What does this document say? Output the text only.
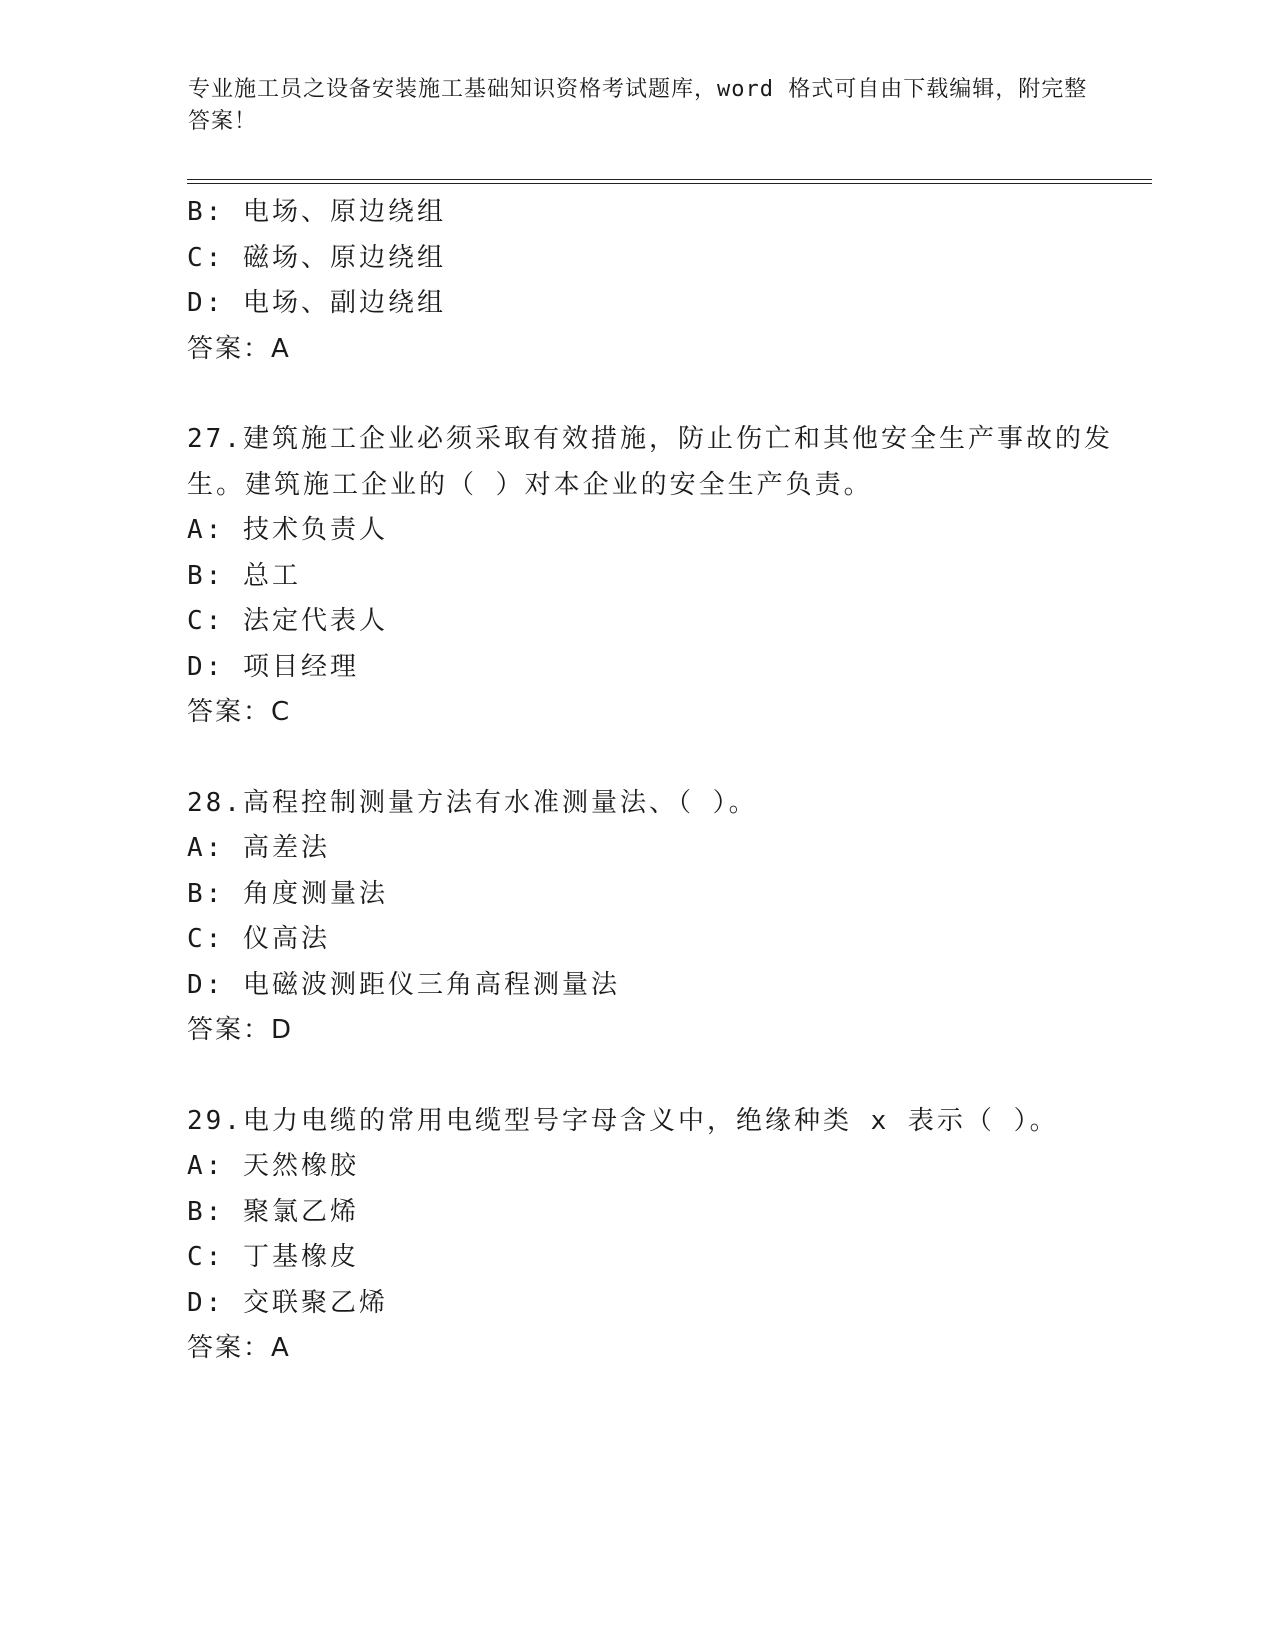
专业施工员之设备安装施工基础知识资格考试题库，word 格式可自由下载编辑，附完整答案！

B: 电场、原边绕组

C: 磁场、原边绕组

D: 电场、副边绕组

答案：A

27.建筑施工企业必须采取有效措施，防止伤亡和其他安全生产事故的发生。建筑施工企业的（ ）对本企业的安全生产负责。

A: 技术负责人

B: 总工

C: 法定代表人

D: 项目经理

答案：C

28.高程控制测量方法有水准测量法、（ ）。

A: 高差法

B: 角度测量法

C: 仪高法

D: 电磁波测距仪三角高程测量法

答案：D

29.电力电缆的常用电缆型号字母含义中，绝缘种类 x 表示（ ）。

A: 天然橡胶

B: 聚氯乙烯

C: 丁基橡皮

D: 交联聚乙烯

答案：A
